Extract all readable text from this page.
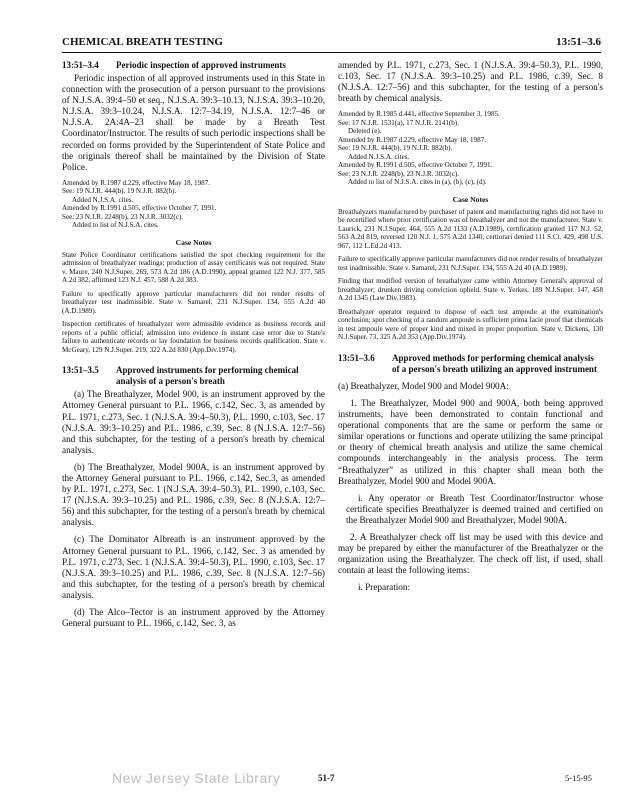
CHEMICAL BREATH TESTING	13:51–3.6
13:51–3.4	Periodic inspection of approved instruments

Periodic inspection of all approved instruments used in this State in connection with the prosecution of a person pursuant to the provisions of N.J.S.A. 39:4–50 et seq., N.J.S.A. 39:3–10.13, N.J.S.A. 39:3–10.20, N.J.S.A. 39:3–10.24, N.J.S.A. 12:7–34.19, N.J.S.A. 12:7–46 or N.J.S.A. 2A:4A–23 shall be made by a Breath Test Coordinator/Instructor. The results of such periodic inspections shall be recorded on forms provided by the Superintendent of State Police and the originals thereof shall be maintained by the Division of State Police.

Amended by R.1987 d.229, effective May 18, 1987.
See: 19 N.J.R. 444(b), 19 N.J.R. 882(b).
Added N.J.S.A. cites.
Amended by R.1991 d.505, effective October 7, 1991.
See: 23 N.J.R. 2248(b), 23 N.J.R. 3032(c).
Added to list of N.J.S.A. cites.
Case Notes
State Police Coordinator certifications satisfied the spot checking requirement for the admission of breathalyzer readings; production of assay certificates was not required. State v. Maure, 240 N.J.Super. 269, 573 A.2d 186 (A.D.1990), appeal granted 122 N.J. 377, 585 A.2d 382, affirmed 123 N.J. 457, 588 A.2d 383.
Failure to specifically approve particular manufacturers did not render results of breathalyzer test inadmissible. State v. Samarel, 231 N.J.Super. 134, 555 A.2d 40 (A.D.1989).
Inspection certificates of breathalyzer were admissible evidence as business records and reports of a public official; admission into evidence in instant case error due to State's failure to authenticate records or lay foundation for business records qualification. State v. McGeary, 129 N.J.Super. 219, 322 A.2d 830 (App.Div.1974).
13:51–3.5	Approved instruments for performing chemical analysis of a person's breath

(a) The Breathalyzer, Model 900, is an instrument approved by the Attorney General pursuant to P.L. 1966, c.142, Sec. 3, as amended by P.L. 1971, c.273, Sec. 1 (N.J.S.A. 39:4–50.3), P.L. 1990, c.103, Sec. 17 (N.J.S.A. 39:3–10.25) and P.L. 1986, c.39, Sec. 8 (N.J.S.A. 12:7–56) and this subchapter, for the testing of a person's breath by chemical analysis.

(b) The Breathalyzer, Model 900A, is an instrument approved by the Attorney General pursuant to P.L. 1966, c.142, Sec.3, as amended by P.L. 1971, c.273, Sec. 1 (N.J.S.A. 39:4–50.3), P.L. 1990, c.103, Sec. 17 (N.J.S.A. 39:3–10.25) and P.L. 1986, c.39, Sec. 8 (N.J.S.A. 12:7–56) and this subchapter, for the testing of a person's breath by chemical analysis.

(c) The Dominator Albreath is an instrument approved by the Attorney General pursuant to P.L. 1966, c.142, Sec. 3 as amended by P.L. 1971, c.273, Sec. 1 (N.J.S.A. 39:4–50.3), P.L. 1990, c.103, Sec. 17 (N.J.S.A. 39:3–10.25) and P.L. 1986, c.39, Sec. 8 (N.J.S.A. 12:7–56) and this subchapter, for the testing of a person's breath by chemical analysis.

(d) The Alco–Tector is an instrument approved by the Attorney General pursuant to P.L. 1966, c.142, Sec. 3, as

amended by P.L. 1971, c.273, Sec. 1 (N.J.S.A. 39:4–50.3), P.L. 1990, c.103, Sec. 17 (N.J.S.A. 39:3–10.25) and P.L. 1986, c.39, Sec. 8 (N.J.S.A. 12:7–56) and this subchapter, for the testing of a person's breath by chemical analysis.

Amended by R.1985 d.441, effective September 3, 1985.
See: 17 N.J.R. 1531(a), 17 N.J.R. 2141(b).
Deleted (e).
Amended by R.1987 d.229, effective May 18, 1987.
See: 19 N.J.R. 444(b), 19 N.J.R. 882(b).
Added N.J.S.A. cites.
Amended by R.1991 d.505, effective October 7, 1991.
See: 23 N.J.R. 2248(b), 23 N.J.R. 3032(c).
Added to list of N.J.S.A. cites in (a), (b), (c), (d).
Case Notes
Breathalyzers manufactured by purchaser of patent and manufacturing rights did not have to be recertified where prior certification was of breathalyzer and not the manufacturer. State v. Laurick, 231 N.J.Super. 464, 555 A.2d 1133 (A.D.1989), certification granted 117 N.J. 52, 563 A.2d 819, reversed 120 N.J. 1, 575 A.2d 1340, certiorari denied 111 S.Ct. 429, 498 U.S. 967, 112 L.Ed.2d 413.
Failure to specifically approve particular manufacturers did not render results of breathalyzer test inadmissible. State v. Samarel, 231 N.J.Super. 134, 555 A.2d 40 (A.D.1989).
Finding that modified version of breathalyzer came within Attorney General's approval of breathalyzer; drunken driving conviction upheld. State v. Yerkes, 189 N.J.Super. 147, 458 A.2d 1345 (Law Div.1983).
Breathalyzer operator required to dispose of each test ampoule at the examination's conclusion; spot checking of a random ampoule is sufficient prima facie proof that chemicals in test ampoule were of proper kind and mixed in proper proportion. State v. Dickens, 130 N.J.Super. 73, 325 A.2d 353 (App.Div.1974).
13:51–3.6	Approved methods for performing chemical analysis of a person's breath utilizing an approved instrument

(a) Breathalyzer, Model 900 and Model 900A:

1. The Breathalyzer, Model 900 and 900A, both being approved instruments, have been demonstrated to contain functional and operational components that are the same or perform the same or similar operations or functions and operate utilizing the same principal or theory of chemical breath analysis and utilize the same chemical compounds interchangeably in the analysis process. The term “Breathalyzer” as utilized in this chapter shall mean both the Breathalyzer, Model 900 and Model 900A.

i. Any operator or Breath Test Coordinator/Instructor whose certificate specifies Breathalyzer is deemed trained and certified on the Breathalyzer Model 900 and Breathalyzer, Model 900A.

2. A Breathalyzer check off list may be used with this device and may be prepared by either the manufacturer of the Breathalyzer or the organization using the Breathalyzer. The check off list, if used, shall contain at least the following items:

i. Preparation:

New Jersey State Library	51-7	5-15-95
